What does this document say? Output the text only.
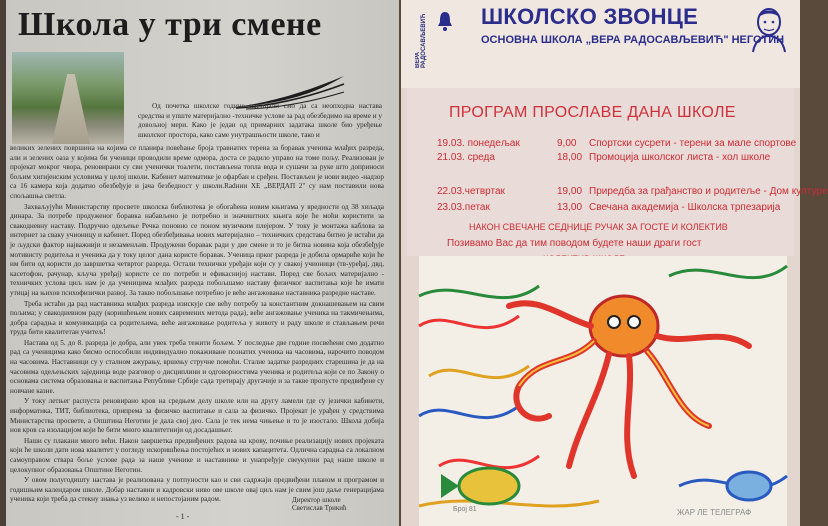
Школа у три смене

Од почетка школске године настојали смо да са неопходна настава средства и упште материјално -техничке услове за рад обезбедимо на време и у довољној мери. Како је један од примарних задатака школе био уређење школског простора, како саме унутрашњости школе, тако и

великих зелених површина на којима се планира повећање броја травнатих терена за боравак ученика млађих разреда, али и зелених оаза у којима би ученици проводили време одмора, доста се радило управо на томе пољу. Реализован је пројекат мокрог чвора, реновирани су сви ученички тоалети, постављена топла вода и сушачи за руке што доприноси бољим хигијенским условима у целој школи. Кабинет математике је офарбан и сређен. Постављен је нови видео -надзор са 16 камера која додатно обезбеђује и јача безбедност у школи.Radнии ХЕ „ВЕРДАП 2" су нам поставили нова спољашња светла.

Захваљујући Министарству просвете школска библиотека је обогаћена новим књигама у вредности од 38 хиљада динара. За потребе продуженог боравка набављено је потребно и значиштних књига које ће моћи користити за свакодневну наставу. Подручно одељење Речка поновно се поном музичким плејером. У току је монтажа каблова за интернет за сваку учионицу и кабинет. Поред обезбеђивања нових материјално – техничких средстава битно је истаћи да је људски фактор најважнији и незаменљив. Продужени боравак ради у две смене и то је битна новина која обезбеђује мотивисту родитеља и ученика да у току целог дана користе боравак. Ученица прког разреда је добила ормариће који ће им бити од користи до завршетка четвртог разреда. Остали технички уређаји који су у свакој учионици (тв-уређај, двд, касетофон, рачунар, кључа уређај) користе се по потреби и ефикаснијој настави. Поред све бољих материјално - техничких услова циљ нам је да ученицима млађих разреда побољшамо наставу физичког васпитања које ће имати утицај на њихов психофизички развој. За такво побољшање потребно је веће ангажовање наставника разредне наставе.

Треба истаћи да рад наставника млађих разреда изискује све већу потребу за константним докнашевањем на свим пољима; у свакодневном раду (коришћењем нових савремених метода рада), веће ангажовање ученика на такмичењима, добра сарадња и комуникација са родитељима, веће ангажовање родитеља у животу и раду школе и стављањем речи труда бити квалитетан учитељ!

Настава од 5. до 8. разреда је добра, али увек треба тежити бољем. У последње две године посвећени смо додатно рад са ученицима како бисмо оспособили индивидуално покаживане познатих ученика на часовима, нарочито поводом на часовима. Наставници су у сталном ажурању, вршењу стручне помоћи. Сталне задатке разредних старешина је да на часовима одељењских заједница воде разговор о дисциплини и одговорностима ученика и родитеља који се по Закону о основама система образовања и васпитања Републике Србије сада третирају другачије и за такве пропусте предвиђене су новчане казне.

У току летњег распуста реновирано кров на средњем делу школе или на другу ламели где су језички кабинети, информатика, ТИТ, библиотека, припрема за физичко васпитање и сала за физичко. Пројекат је урађен у средствима Министарства просвете, а Општина Неготин је дала свој део. Сала је тек нема чињење и то је изостало. Школа добија нов кров са изолацијом који ће бити много квалитетнији од досадашњег.

Наши су плакани много већи. Након завршетка предвиђених радова на крову, почиње реализацију нових пројеката који ће школи дати нова квалитет у погледу искоришћења постојећих и нових капацитета. Одлична сарадња са локалном самоуправом ствара боље услове рада за наше ученике и наставнике и унапређује свеукупни рад наше школе и целокупног образовања Општине Неготин.

У овом полугодишту настава је реализована у потпуности као и сви садржаји предвиђени планом и програмом и годишњим календаром школе. Добар наставни и кадровски ниво ове школе овај циљ нам је свим још даље генерацијама ученика који треба да стекну знања уз велико и непостојаним радом.	Директор школе
Светислав Трикић
- 1 -
ВЕРА РАДОСАВЉЕВИЋ ШКОЛСКО ЗВОНЦЕ
ОСНОВНА ШКОЛА „ВЕРА РАДОСАВЉЕВИЋ" НЕГОТИН
ПРОГРАМ ПРОСЛАВЕ ДАНА ШКОЛЕ
19.03. понедељак	9,00 Спортски сусрети - терени за мале спортове
21.03. среда	18,00 Промоција школског листа - хол школе
22.03.четвртак	19,00 Приредба за грађанство и родитеље - Дом културе
23.03.петак	13,00 Свечана академија - Школска трпезарија
НАКОН СВЕЧАНЕ СЕДНИЦЕ РУЧАК ЗА ГОСТЕ И КОЛЕКТИВ
Позивамо Вас да тим поводом будете наши драги гост
Број 81	ЖАР ЛЕ ТЕЛЕГРАФ
